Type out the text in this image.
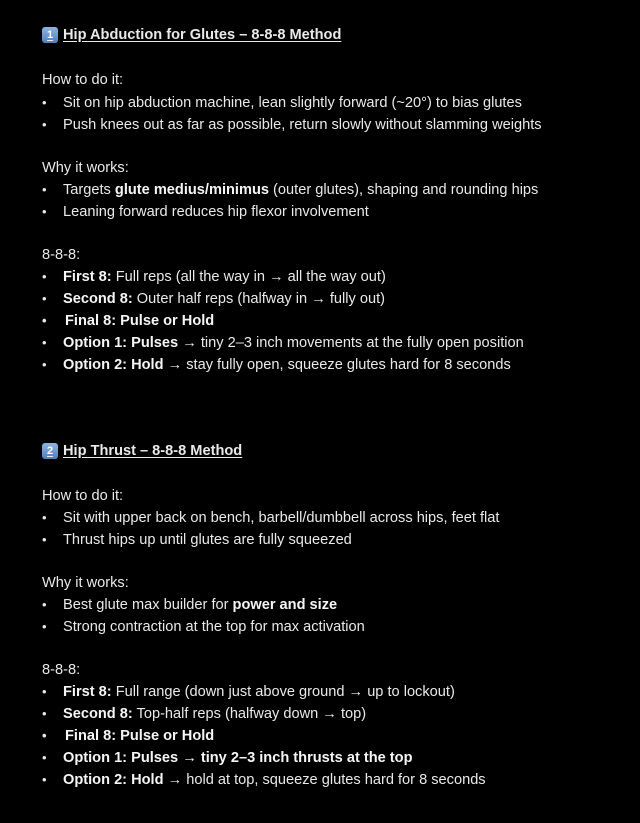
1 Hip Abduction for Glutes – 8-8-8 Method
How to do it:
• Sit on hip abduction machine, lean slightly forward (~20°) to bias glutes
• Push knees out as far as possible, return slowly without slamming weights
Why it works:
• Targets glute medius/minimus (outer glutes), shaping and rounding hips
• Leaning forward reduces hip flexor involvement
8-8-8:
• First 8: Full reps (all the way in → all the way out)
• Second 8: Outer half reps (halfway in → fully out)
• Final 8: Pulse or Hold
• Option 1: Pulses → tiny 2–3 inch movements at the fully open position
• Option 2: Hold → stay fully open, squeeze glutes hard for 8 seconds
2 Hip Thrust – 8-8-8 Method
How to do it:
• Sit with upper back on bench, barbell/dumbbell across hips, feet flat
• Thrust hips up until glutes are fully squeezed
Why it works:
• Best glute max builder for power and size
• Strong contraction at the top for max activation
8-8-8:
• First 8: Full range (down just above ground → up to lockout)
• Second 8: Top-half reps (halfway down → top)
• Final 8: Pulse or Hold
• Option 1: Pulses → tiny 2–3 inch thrusts at the top
• Option 2: Hold → hold at top, squeeze glutes hard for 8 seconds
